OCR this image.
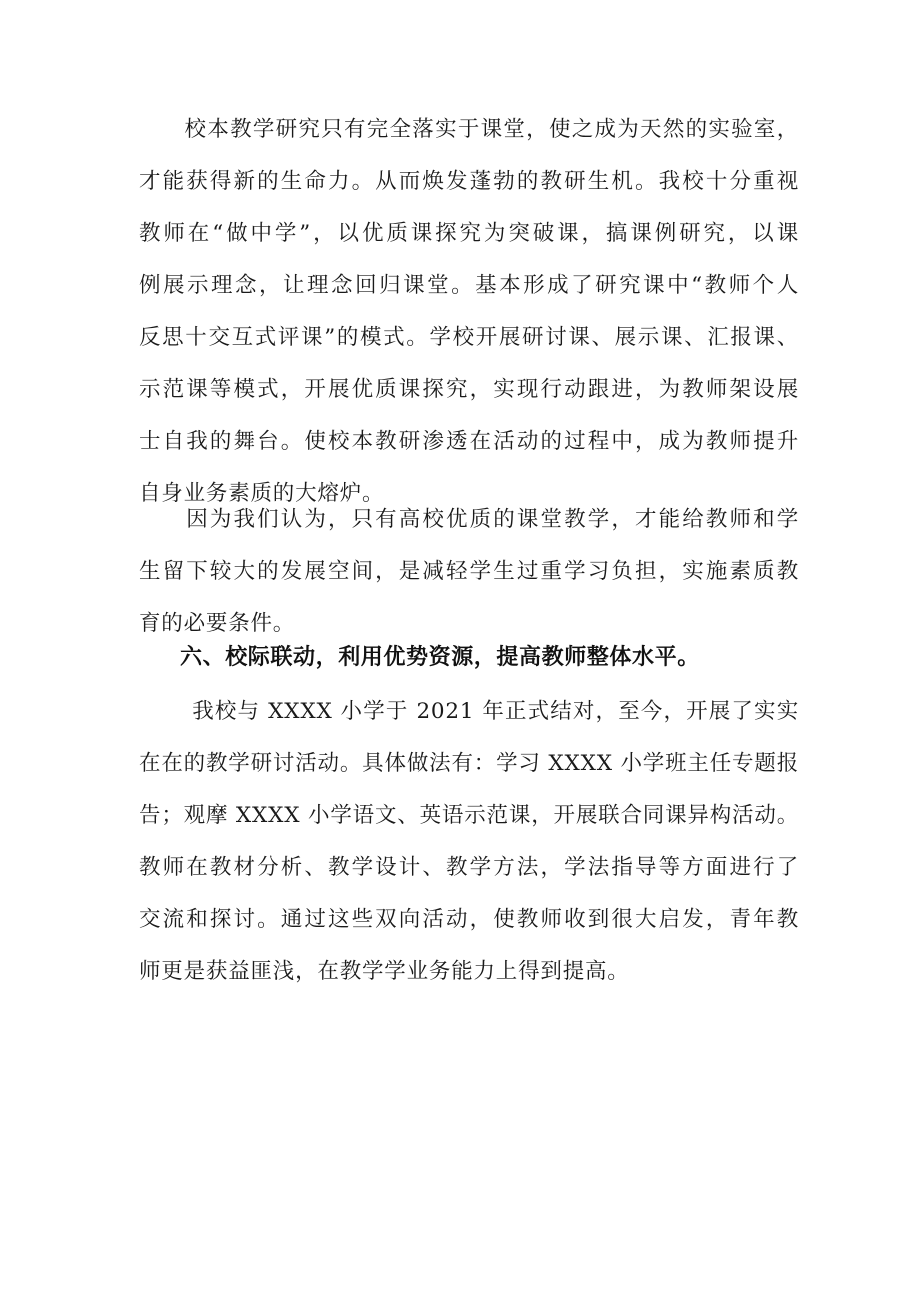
　　校本教学研究只有完全落实于课堂，使之成为天然的实验室，
才能获得新的生命力。从而焕发蓬勃的教研生机。我校十分重视
教师在“做中学”，以优质课探究为突破课，搞课例研究，以课
例展示理念，让理念回归课堂。基本形成了研究课中“教师个人
反思十交互式评课”的模式。学校开展研讨课、展示课、汇报课、
示范课等模式，开展优质课探究，实现行动跟进，为教师架设展
士自我的舞台。使校本教研渗透在活动的过程中，成为教师提升
自身业务素质的大熔炉。
　　因为我们认为，只有高校优质的课堂教学，才能给教师和学
生留下较大的发展空间，是减轻学生过重学习负担，实施素质教
育的必要条件。
六、校际联动，利用优势资源，提高教师整体水平。
　　 我校与 XXXX 小学于 2021 年正式结对，至今，开展了实实
在在的教学研讨活动。具体做法有：学习 XXXX 小学班主任专题报
告；观摩 XXXX 小学语文、英语示范课，开展联合同课异构活动。
教师在教材分析、教学设计、教学方法，学法指导等方面进行了
交流和探讨。通过这些双向活动，使教师收到很大启发，青年教
师更是获益匪浅，在教学学业务能力上得到提高。
